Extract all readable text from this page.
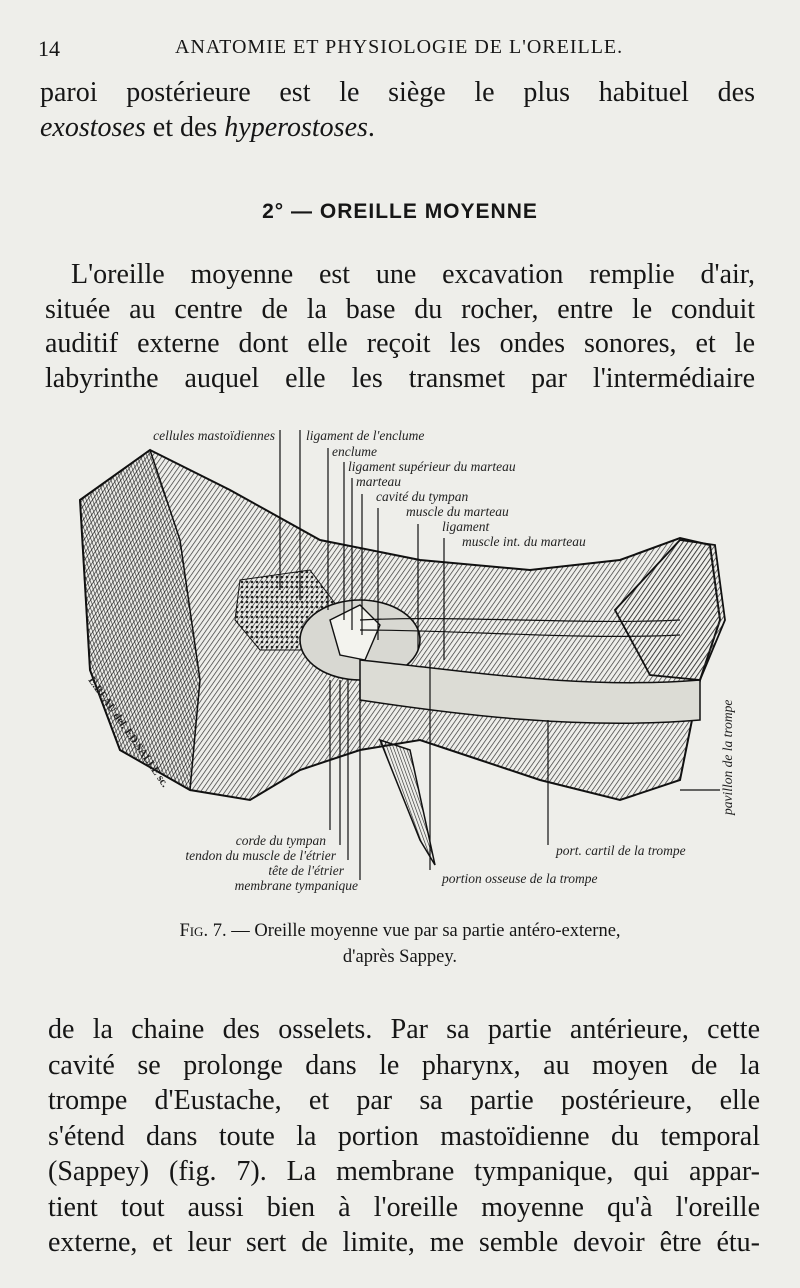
14	ANATOMIE ET PHYSIOLOGIE DE L'OREILLE.
paroi postérieure est le siège le plus habituel des
exostoses et des hyperostoses.
2° — OREILLE MOYENNE
L'oreille moyenne est une excavation remplie d'air,
située au centre de la base du rocher, entre le conduit
auditif externe dont elle reçoit les ondes sonores, et le
labyrinthe auquel elle les transmet par l'intermédiaire
cellules mastoïdiennes ligament de l'enclume
enclume
ligament supérieur du marteau
marteau
cavité du tympan
muscle du marteau
ligament
muscle int. du marteau
corde du tympan
tendon du muscle de l'étrier
tête de l'étrier
membrane tympanique	portion osseuse de la trompe
port. cartil de la trompe
pavillon de la trompe
E.BEAU del. ED.SALLE sc.
Fig. 7. — Oreille moyenne vue par sa partie antéro-externe,
d'après Sappey.
de la chaine des osselets. Par sa partie antérieure, cette
cavité se prolonge dans le pharynx, au moyen de la
trompe d'Eustache, et par sa partie postérieure, elle
s'étend dans toute la portion mastoïdienne du temporal
(Sappey) (fig. 7). La membrane tympanique, qui appar-
tient tout aussi bien à l'oreille moyenne qu'à l'oreille
externe, et leur sert de limite, me semble devoir être étu-
